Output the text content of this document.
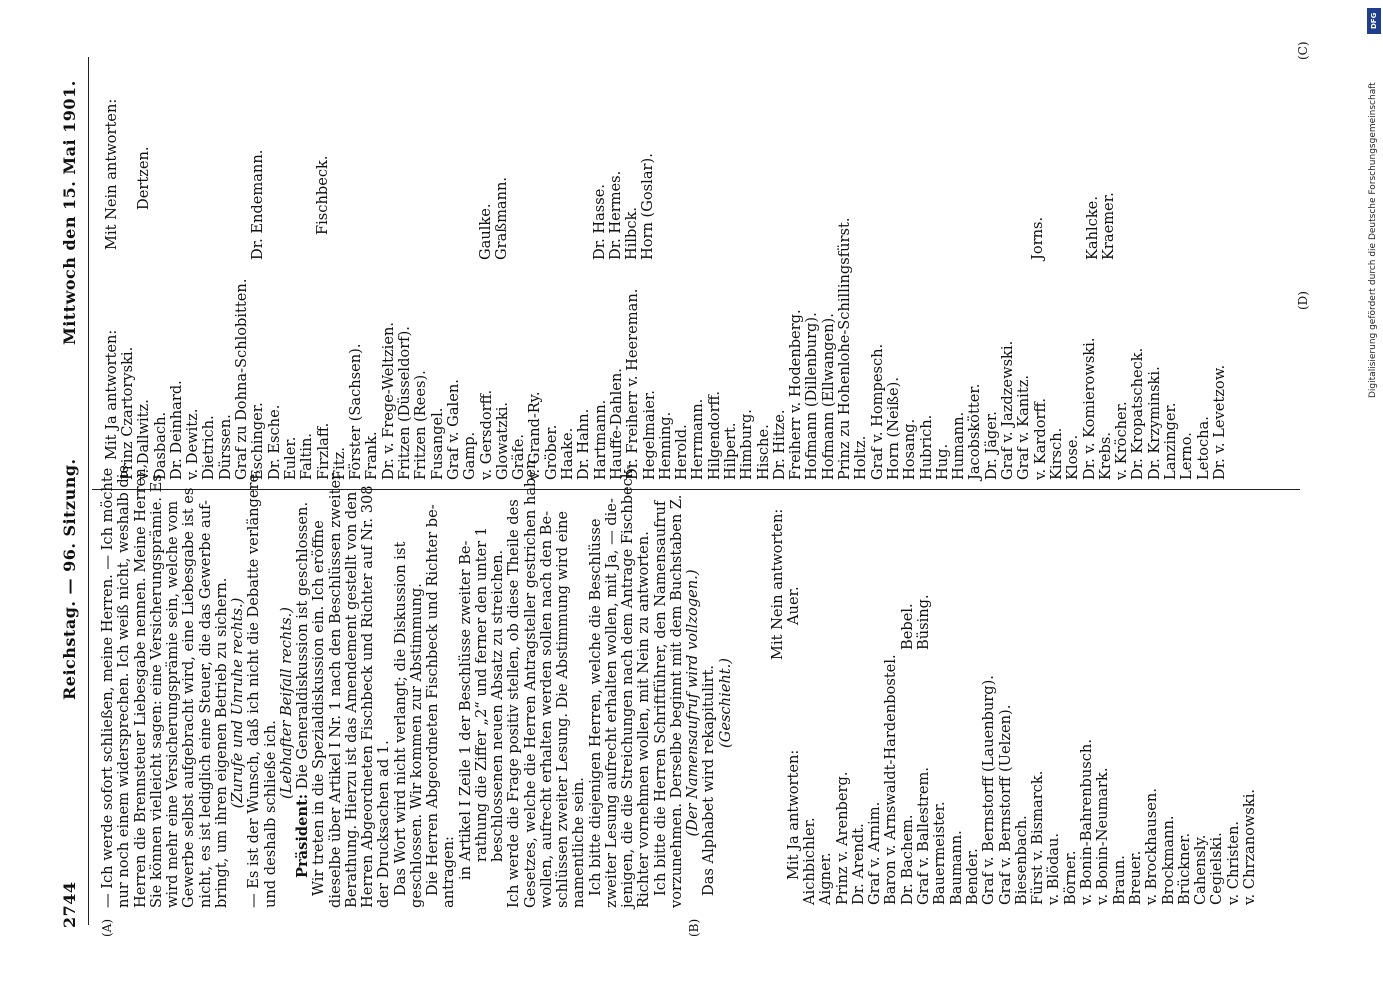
2744
Reichstag. — 96. Sitzung.
Mittwoch den 15. Mai 1901.
(A)	(B)
(C)
(D)
— Ich werde sofort schließen, meine Herren. — Ich möchte nur noch einem widersprechen. Ich weiß nicht, weshalb die Herren die Brennsteuer Liebesgabe nennen. Meine Herren, Sie können vielleicht sagen: eine Versicherungsprämie. Es wird mehr eine Versicherungsprämie sein, welche vom Gewerbe selbst aufgebracht wird, eine Liebesgabe ist es nicht, es ist lediglich eine Steuer, die das Gewerbe auf- bringt, um ihren eigenen Betrieb zu sichern. (Zurufe und Unruhe rechts.) — Es ist der Wunsch, daß ich nicht die Debatte verlängere, und deshalb schließe ich.
(Lebhafter Beifall rechts.)
Präsident: Die Generaldiskussion ist geschlossen. Wir treten in die Spezialdiskussion ein. Ich eröffne dieselbe über Artikel I Nr. 1 nach den Beschlüssen zweiter Berathung. Hierzu ist das Amendement gestellt von den Herren Abgeordneten Fischbeck und Richter auf Nr. 308 der Drucksachen ad 1. Das Wort wird nicht verlangt; die Diskussion ist geschlossen. Wir kommen zur Abstimmung. Die Herren Abgeordneten Fischbeck und Richter be- antragen: in Artikel I Zeile 1 der Beschlüsse zweiter Be- rathung die Ziffer „2“ und ferner den unter 1 beschlossenen neuen Absatz zu streichen. Ich werde die Frage positiv stellen, ob diese Theile des Gesetzes, welche die Herren Antragsteller gestrichen haben wollen, aufrecht erhalten werden sollen nach den Be- schlüssen zweiter Lesung. Die Abstimmung wird eine namentliche sein. Ich bitte diejenigen Herren, welche die Beschlüsse zweiter Lesung aufrecht erhalten wollen, mit Ja, — die- jenigen, die die Streichungen nach dem Antrage Fischbeck- Richter vornehmen wollen, mit Nein zu antworten. Ich bitte die Herren Schriftführer, den Namensaufruf vorzunehmen. Derselbe beginnt mit dem Buchstaben Z. (Der Namensaufruf wird vollzogen.) Das Alphabet wird rekapitulirt. (Geschieht.)
Mit Ja antworten:
Mit Nein antworten:
Aichbichler. Aigner. Prinz v. Arenberg. Dr. Arendt. Graf v. Arnim. Baron v. Arnswaldt-Hardenbostel. Dr. Bachem. Graf v. Ballestrem. Bauermeister. Baumann. Bender. Graf v. Bernstorff (Lauenburg). Graf v. Bernstorff (Uelzen). Biesenbach. Fürst v. Bismarck. v. Blödau. Börner. v. Bonin-Bahrenbusch. v. Bonin-Neumark. Braun. Breuer. v. Brockhausen. Brockmann. Brückner. Cahensly. Cegielski. v. Christen. v. Chrzanowski.
Auer.	Bebel. Büsing.
Mit Ja antworten:
Mit Nein antworten:
Prinz Czartoryski. v. Dallwitz. Dasbach. Dr. Deinhard. v. Dewitz. Dietrich. Dürssen. Graf zu Dohna-Schlobitten. Eschinger. Dr. Esche. Euler. Faltin. Firzlaff. Fitz. Förster (Sachsen). Frank. Dr. v. Frege-Weltzien. Fritzen (Düsseldorf). Fritzen (Rees). Fusangel. Graf v. Galen. Gamp. v. Gersdorff. Glowatzki. Gräfe. v. Grand-Ry. Gröber. Haake. Dr. Hahn. Hartmann. Hauffe-Dahlen. Dr. Freiherr v. Heereman. Hegelmaier. Henning. Herold. Herrmann. Hilgendorff. Hilpert. Himburg. Hische. Dr. Hitze. Freiherr v. Hodenberg. Hofmann (Dillenburg). Hofmann (Ellwangen). Prinz zu Hohenlohe-Schillingsfürst. Holtz. Graf v. Hompesch. Horn (Neiße). Hosang. Hubrich. Hug. Humann. Jacobskötter. Dr. Jäger. Graf v. Jazdzewski. Graf v. Kanitz. v. Kardorff. Kirsch. Klose. Dr. v. Komierowski. Krebs. v. Kröcher. Dr. Kropatscheck. Dr. Krzyminski. Lanzinger. Lerno. Letocha. Dr. v. Levetzow.
Dertzen.	Dr. Endemann.	Fischbeck.	Gaulke. Graßmann.	Dr. Hasse. Dr. Hermes. Hilbck. Horn (Goslar).	Jorns.	Kahlcke. Kraemer.
DFG
Digitalisierung gefördert durch die Deutsche Forschungsgemeinschaft
